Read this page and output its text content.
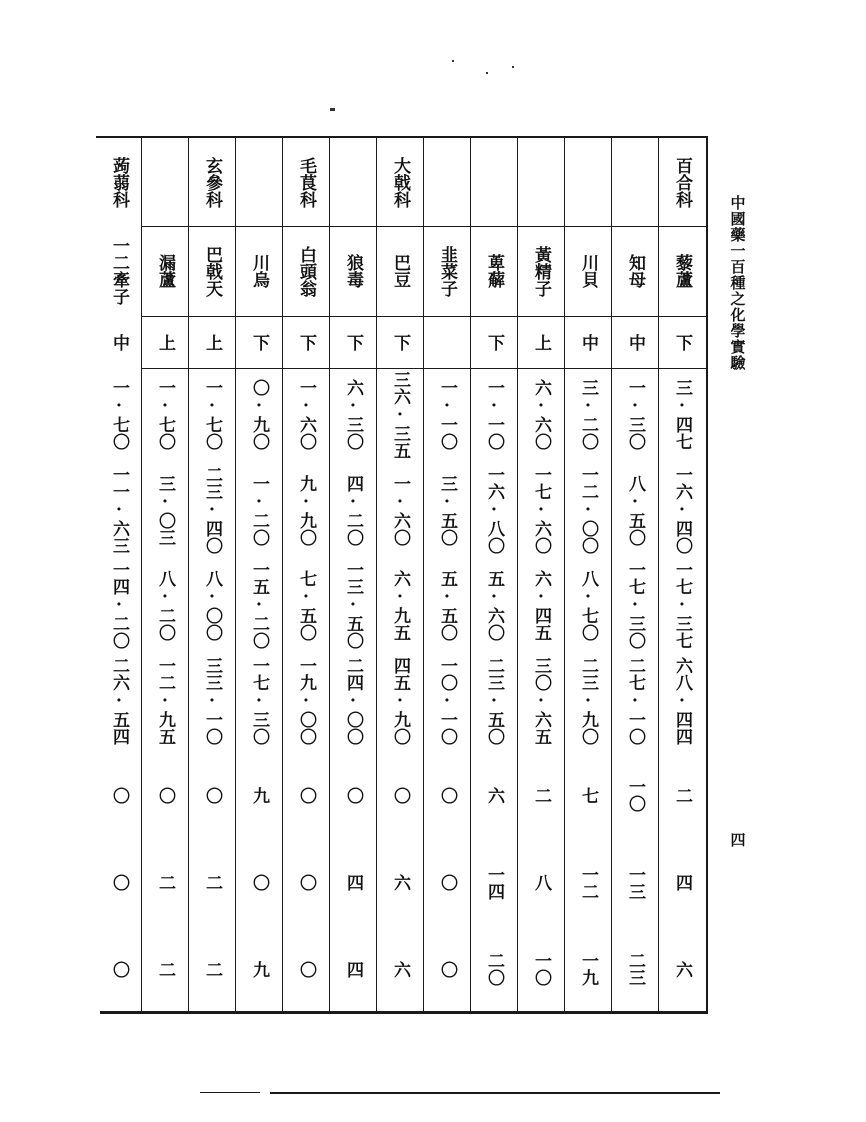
百合科
藜蘆
下
三·四七
一六·四〇
一七·三七
六八·四四
二
四
六
知母
中
一·三〇
八·五〇
一七·三〇
二七·一〇
一〇
一三
二三
川貝
中
三·二〇
一二·〇〇
八·七〇
二三·九〇
七
一二
一九
黃精子
上
六·六〇
一七·六〇
六·四五
三〇·六五
二
八
一〇
萆薢
下
一·一〇
一六·八〇
五·六〇
二三·五〇
六
一四
二〇
韭菜子
一·一〇
三·五〇
五·五〇
一〇·一〇
〇
〇
〇
大戟科
巴豆
下
三六·三五
一·六〇
六·九五
四五·九〇
〇
六
六
狼毒
下
六·三〇
四·二〇
一三·五〇
二四·〇〇
〇
四
四
毛茛科
白頭翁
下
一·六〇
九·九〇
七·五〇
一九·〇〇
〇
〇
〇
川烏
下
〇·九〇
一·二〇
一五·二〇
一七·三〇
九
〇
九
玄參科
巴戟天
上
一·七〇
二三·四〇
八·〇〇
三三·一〇
〇
二
二
漏蘆
上
一·七〇
三·〇三
八·二〇
一二·九五
〇
二
二
蒟蒻科
一二牽子
中
一·七〇
一一·六三
一四·二〇
二六·五四
〇
〇
〇
中國藥一百種之化學實驗
四
